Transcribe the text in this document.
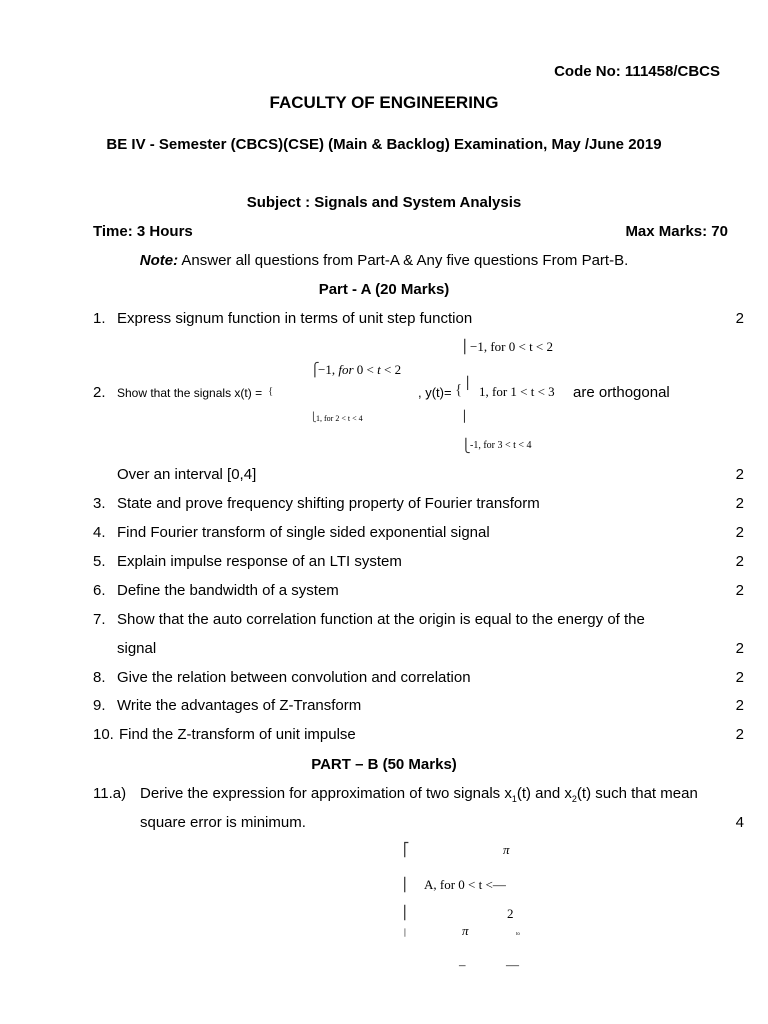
Code No: 111458/CBCS
FACULTY OF ENGINEERING
BE IV - Semester (CBCS)(CSE) (Main & Backlog) Examination, May /June 2019
Subject : Signals and System Analysis
Time: 3 Hours	Max Marks: 70
Note: Answer all questions from Part-A & Any five questions From Part-B.
Part - A (20 Marks)
1. Express signum function in terms of unit step function	2
⎢ −1, for 0 < t < 2
⎧
−1, for 0 < t < 2
2. Show that the signals x(t) = {	, y(t)= { ⎢
1, for 1 < t < 3 are orthogonal
⎩ 1, for 2 < t < 4	⎢
⎩ -1, for 3 < t < 4
Over an interval [0,4]	2
3. State and prove frequency shifting property of Fourier transform	2
4. Find Fourier transform of single sided exponential signal	2
5. Explain impulse response of an LTI system	2
6. Define the bandwidth of a system	2
7. Show that the auto correlation function at the origin is equal to the energy of the
signal	2
8. Give the relation between convolution and correlation	2
9. Write the advantages of Z-Transform	2
10. Find the Z-transform of unit impulse	2
PART – B (50 Marks)
11.a) Derive the expression for approximation of two signals $x_1(t)$ and $x_2(t)$ such that mean
square error is minimum.	4
⎡	π
⎢ A, for 0 < t <—
⎢	2
⎢	π	to
–	—
